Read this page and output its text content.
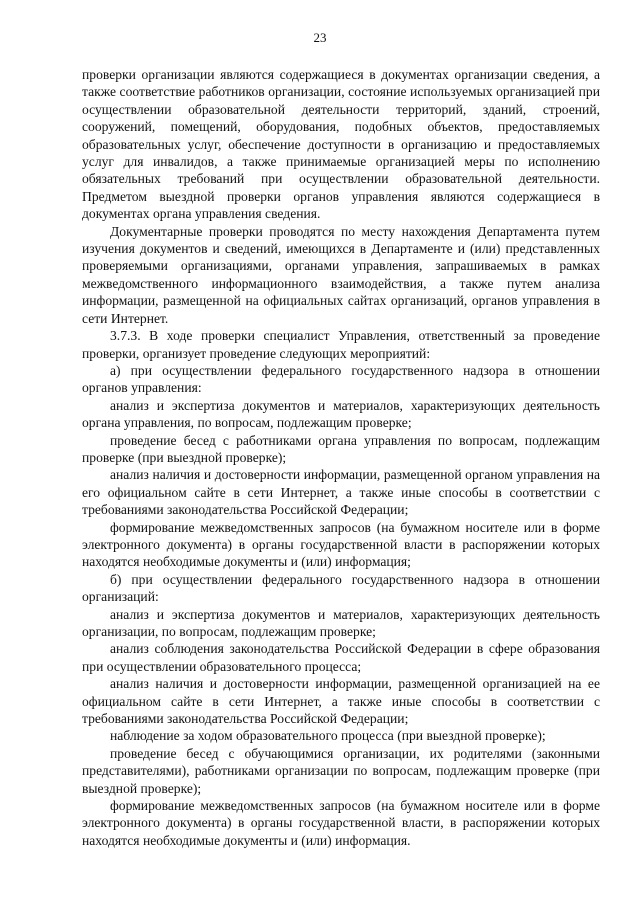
23

проверки организации являются содержащиеся в документах организации сведения, а также соответствие работников организации, состояние используемых организацией при осуществлении образовательной деятельности территорий, зданий, строений, сооружений, помещений, оборудования, подобных объектов, предоставляемых образовательных услуг, обеспечение доступности в организацию и предоставляемых услуг для инвалидов, а также принимаемые организацией меры по исполнению обязательных требований при осуществлении образовательной деятельности. Предметом выездной проверки органов управления являются содержащиеся в документах органа управления сведения.

Документарные проверки проводятся по месту нахождения Департамента путем изучения документов и сведений, имеющихся в Департаменте и (или) представленных проверяемыми организациями, органами управления, запрашиваемых в рамках межведомственного информационного взаимодействия, а также путем анализа информации, размещенной на официальных сайтах организаций, органов управления в сети Интернет.

3.7.3. В ходе проверки специалист Управления, ответственный за проведение проверки, организует проведение следующих мероприятий:

а) при осуществлении федерального государственного надзора в отношении органов управления:

анализ и экспертиза документов и материалов, характеризующих деятельность органа управления, по вопросам, подлежащим проверке;

проведение бесед с работниками органа управления по вопросам, подлежащим проверке (при выездной проверке);

анализ наличия и достоверности информации, размещенной органом управления на его официальном сайте в сети Интернет, а также иные способы в соответствии с требованиями законодательства Российской Федерации;

формирование межведомственных запросов (на бумажном носителе или в форме электронного документа) в органы государственной власти в распоряжении которых находятся необходимые документы и (или) информация;

б) при осуществлении федерального государственного надзора в отношении организаций:

анализ и экспертиза документов и материалов, характеризующих деятельность организации, по вопросам, подлежащим проверке;

анализ соблюдения законодательства Российской Федерации в сфере образования при осуществлении образовательного процесса;

анализ наличия и достоверности информации, размещенной организацией на ее официальном сайте в сети Интернет, а также иные способы в соответствии с требованиями законодательства Российской Федерации;

наблюдение за ходом образовательного процесса (при выездной проверке);

проведение бесед с обучающимися организации, их родителями (законными представителями), работниками организации по вопросам, подлежащим проверке (при выездной проверке);

формирование межведомственных запросов (на бумажном носителе или в форме электронного документа) в органы государственной власти, в распоряжении которых находятся необходимые документы и (или) информация.
